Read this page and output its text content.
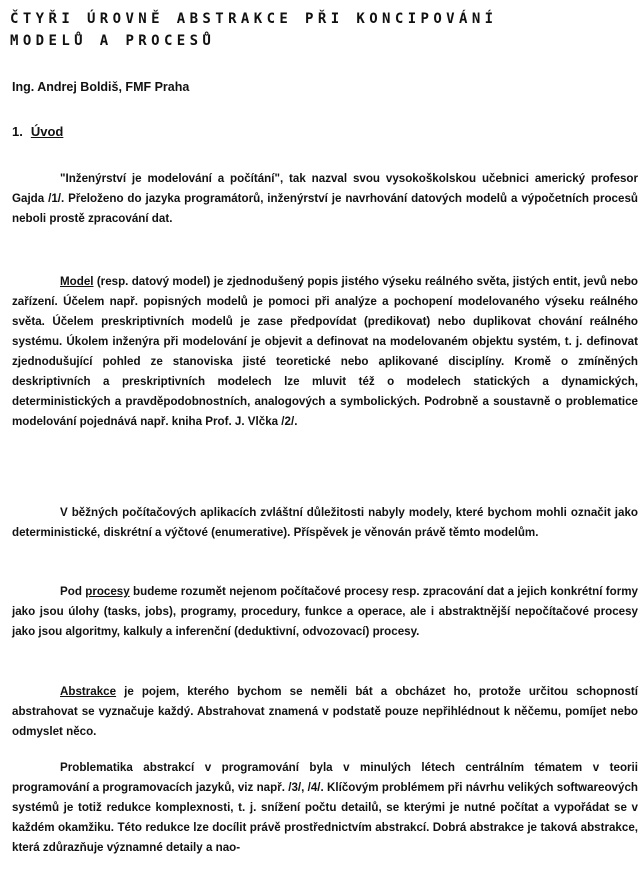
ČTYŘI ÚROVNĚ ABSTRAKCE PŘI KONCIPOVÁNÍ
MODELŮ A PROCESŮ
Ing. Andrej Boldiš, FMF Praha
1. Úvod

"Inženýrství je modelování a počítání", tak nazval svou vysokoškolskou učebnici americký profesor Gajda /1/. Přeloženo do jazyka programátorů, inženýrství je navrhování datových modelů a výpočetních procesů neboli prostě zpracování dat.

Model (resp. datový model) je zjednodušený popis jistého výseku reálného světa, jistých entit, jevů nebo zařízení. Účelem např. popisných modelů je pomoci při analýze a pochopení modelovaného výseku reálného světa. Účelem preskriptivních modelů je zase předpovídat (predikovat) nebo duplikovat chování reálného systému. Úkolem inženýra při modelování je objevit a definovat na modelovaném objektu systém, t. j. definovat zjednodušující pohled ze stanoviska jisté teoretické nebo aplikované disciplíny. Kromě o zmíněných deskriptivních a preskriptivních modelech lze mluvit též o modelech statických a dynamických, deterministických a pravděpodobnostních, analogových a symbolických. Podrobně a soustavně o problematice modelování pojednává např. kniha Prof. J. Vlčka /2/.

V běžných počítačových aplikacích zvláštní důležitosti nabyly modely, které bychom mohli označit jako deterministické, diskrétní a výčtové (enumerative). Příspěvek je věnován právě těmto modelům.

Pod procesy budeme rozumět nejenom počítačové procesy resp. zpracování dat a jejich konkrétní formy jako jsou úlohy (tasks, jobs), programy, procedury, funkce a operace, ale i abstraktnější nepočítačové procesy jako jsou algoritmy, kalkuly a inferenční (deduktivní, odvozovací) procesy.

Abstrakce je pojem, kterého bychom se neměli bát a obcházet ho, protože určitou schopností abstrahovat se vyznačuje každý. Abstrahovat znamená v podstatě pouze nepřihlédnout k něčemu, pomíjet nebo odmyslet něco.

Problematika abstrakcí v programování byla v minulých létech centrálním tématem v teorii programování a programovacích jazyků, viz např. /3/, /4/. Klíčovým problémem při návrhu velikých softwareových systémů je totiž redukce komplexnosti, t. j. snížení počtu detailů, se kterými je nutné počítat a vypořádat se v každém okamžiku. Této redukce lze docílit právě prostřednictvím abstrakcí. Dobrá abstrakce je taková abstrakce, která zdůrazňuje významné detaily a nao-
